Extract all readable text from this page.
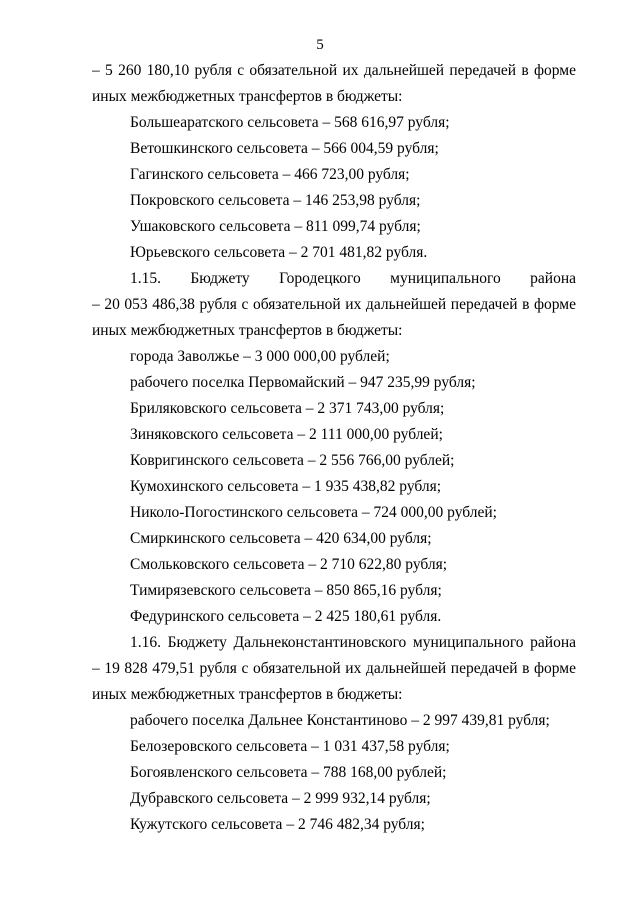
5
– 5 260 180,10 рубля с обязательной их дальнейшей передачей в форме
иных межбюджетных трансфертов в бюджеты:
Большеаратского сельсовета – 568 616,97 рубля;
Ветошкинского сельсовета – 566 004,59 рубля;
Гагинского сельсовета – 466 723,00 рубля;
Покровского сельсовета – 146 253,98 рубля;
Ушаковского сельсовета – 811 099,74 рубля;
Юрьевского сельсовета – 2 701 481,82 рубля.
1.15. Бюджету Городецкого муниципального района
– 20 053 486,38 рубля с обязательной их дальнейшей передачей в форме
иных межбюджетных трансфертов в бюджеты:
города Заволжье – 3 000 000,00 рублей;
рабочего поселка Первомайский – 947 235,99 рубля;
Бриляковского сельсовета – 2 371 743,00 рубля;
Зиняковского сельсовета – 2 111 000,00 рублей;
Ковригинского сельсовета – 2 556 766,00 рублей;
Кумохинского сельсовета – 1 935 438,82 рубля;
Николо-Погостинского сельсовета – 724 000,00 рублей;
Смиркинского сельсовета – 420 634,00 рубля;
Смольковского сельсовета – 2 710 622,80 рубля;
Тимирязевского сельсовета – 850 865,16 рубля;
Федуринского сельсовета – 2 425 180,61 рубля.
1.16. Бюджету Дальнеконстантиновского муниципального района
– 19 828 479,51 рубля с обязательной их дальнейшей передачей в форме
иных межбюджетных трансфертов в бюджеты:
рабочего поселка Дальнее Константиново – 2 997 439,81 рубля;
Белозеровского сельсовета – 1 031 437,58 рубля;
Богоявленского сельсовета – 788 168,00 рублей;
Дубравского сельсовета – 2 999 932,14 рубля;
Кужутского сельсовета – 2 746 482,34 рубля;
